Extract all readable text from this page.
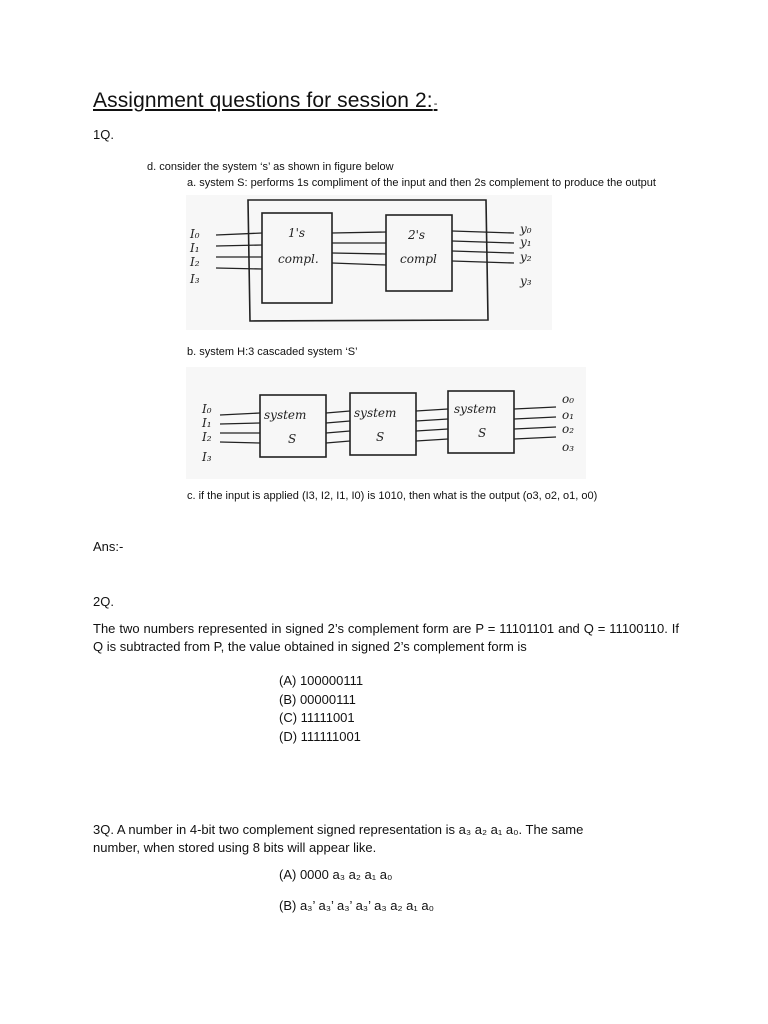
Assignment questions for session 2:-
1Q.
d. consider the system ‘s’ as shown in figure below
a. system S: performs 1s compliment of the input and then 2s complement to produce the output
I₀
I₁
I₂
I₃
1's
compl.
2's
compl
y₀
y₁
y₂
y₃
b. system H:3 cascaded system ‘S’
I₀
I₁
I₂
I₃
system
S
system
S
system
S
o₀
o₁
o₂
o₃
c. if the input is applied (I3, I2, I1, I0) is 1010, then what is the output (o3, o2, o1, o0)
Ans:-
2Q.
The two numbers represented in signed 2’s complement form are P = 11101101 and Q = 11100110. If Q is subtracted from P, the value obtained in signed 2’s complement form is
(A) 100000111
(B) 00000111
(C) 11111001
(D) 111111001
3Q. A number in 4-bit two complement signed representation is a₃ a₂ a₁ a₀. The same
number, when stored using 8 bits will appear like.
(A) 0000 a₃ a₂ a₁ a₀
(B) a₃’ a₃’ a₃’ a₃’ a₃ a₂ a₁ a₀
